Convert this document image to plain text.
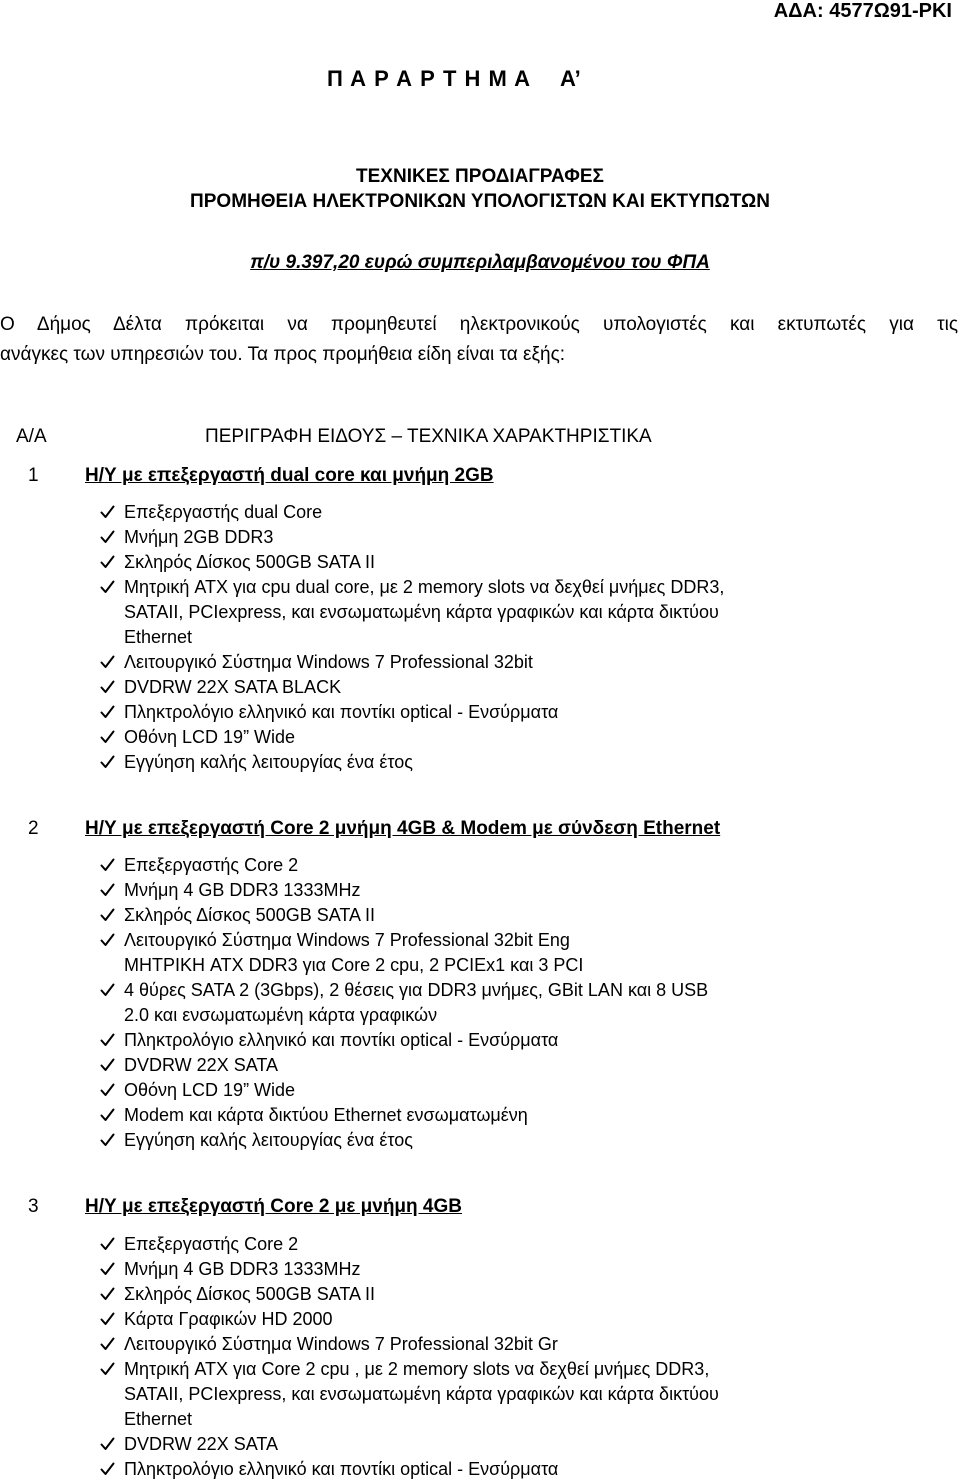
ΑΔΑ: 4577Ω91-ΡΚΙ
Π Α Ρ Α Ρ Τ Η Μ Α Α’
ΤΕΧΝΙΚΕΣ ΠΡΟΔΙΑΓΡΑΦΕΣ
ΠΡΟΜΗΘΕΙΑ ΗΛΕΚΤΡΟΝΙΚΩΝ ΥΠΟΛΟΓΙΣΤΩΝ ΚΑΙ ΕΚΤΥΠΩΤΩΝ
π/υ 9.397,20 ευρώ συμπεριλαμβανομένου του ΦΠΑ
Ο Δήμος Δέλτα πρόκειται να προμηθευτεί ηλεκτρονικούς υπολογιστές και εκτυπωτές για τις
ανάγκες των υπηρεσιών του. Τα προς προμήθεια είδη είναι τα εξής:
Α/Α	ΠΕΡΙΓΡΑΦΗ ΕΙΔΟΥΣ – ΤΕΧΝΙΚΑ ΧΑΡΑΚΤΗΡΙΣΤΙΚΑ
1 Η/Υ με επεξεργαστή dual core και μνήμη 2GB
Επεξεργαστής dual Core
Μνήμη 2GB DDR3
Σκληρός Δίσκος 500GB SATA II
Μητρική ATX για cpu dual core, με 2 memory slots να δεχθεί μνήμες DDR3,
SATAII, PCIexpress, και ενσωματωμένη κάρτα γραφικών και κάρτα δικτύου
Ethernet
Λειτουργικό Σύστημα Windows 7 Professional 32bit
DVDRW 22X SATA BLACK
Πληκτρολόγιο ελληνικό και ποντίκι optical - Ενσύρματα
Οθόνη LCD 19” Wide
Εγγύηση καλής λειτουργίας ένα έτος
2 Η/Υ με επεξεργαστή Core 2 μνήμη 4GB & Modem με σύνδεση Ethernet
Επεξεργαστής Core 2
Μνήμη 4 GB DDR3 1333MHz
Σκληρός Δίσκος 500GB SATA II
Λειτουργικό Σύστημα Windows 7 Professional 32bit Eng
ΜΗΤΡΙΚΗ ATX DDR3 για Core 2 cpu, 2 PCIEx1 και 3 PCI
4 θύρες SATA 2 (3Gbps), 2 θέσεις για DDR3 μνήμες, GBit LAN και 8 USB
2.0 και ενσωματωμένη κάρτα γραφικών
Πληκτρολόγιο ελληνικό και ποντίκι optical - Ενσύρματα
DVDRW 22X SATA
Οθόνη LCD 19” Wide
Modem και κάρτα δικτύου Ethernet ενσωματωμένη
Εγγύηση καλής λειτουργίας ένα έτος
3 Η/Υ με επεξεργαστή Core 2 με μνήμη 4GB
Επεξεργαστής Core 2
Μνήμη 4 GB DDR3 1333MHz
Σκληρός Δίσκος 500GB SATA II
Κάρτα Γραφικών HD 2000
Λειτουργικό Σύστημα Windows 7 Professional 32bit Gr
Μητρική ATX για Core 2 cpu , με 2 memory slots να δεχθεί μνήμες DDR3,
SATAII, PCIexpress, και ενσωματωμένη κάρτα γραφικών και κάρτα δικτύου
Ethernet
DVDRW 22X SATA
Πληκτρολόγιο ελληνικό και ποντίκι optical - Ενσύρματα
